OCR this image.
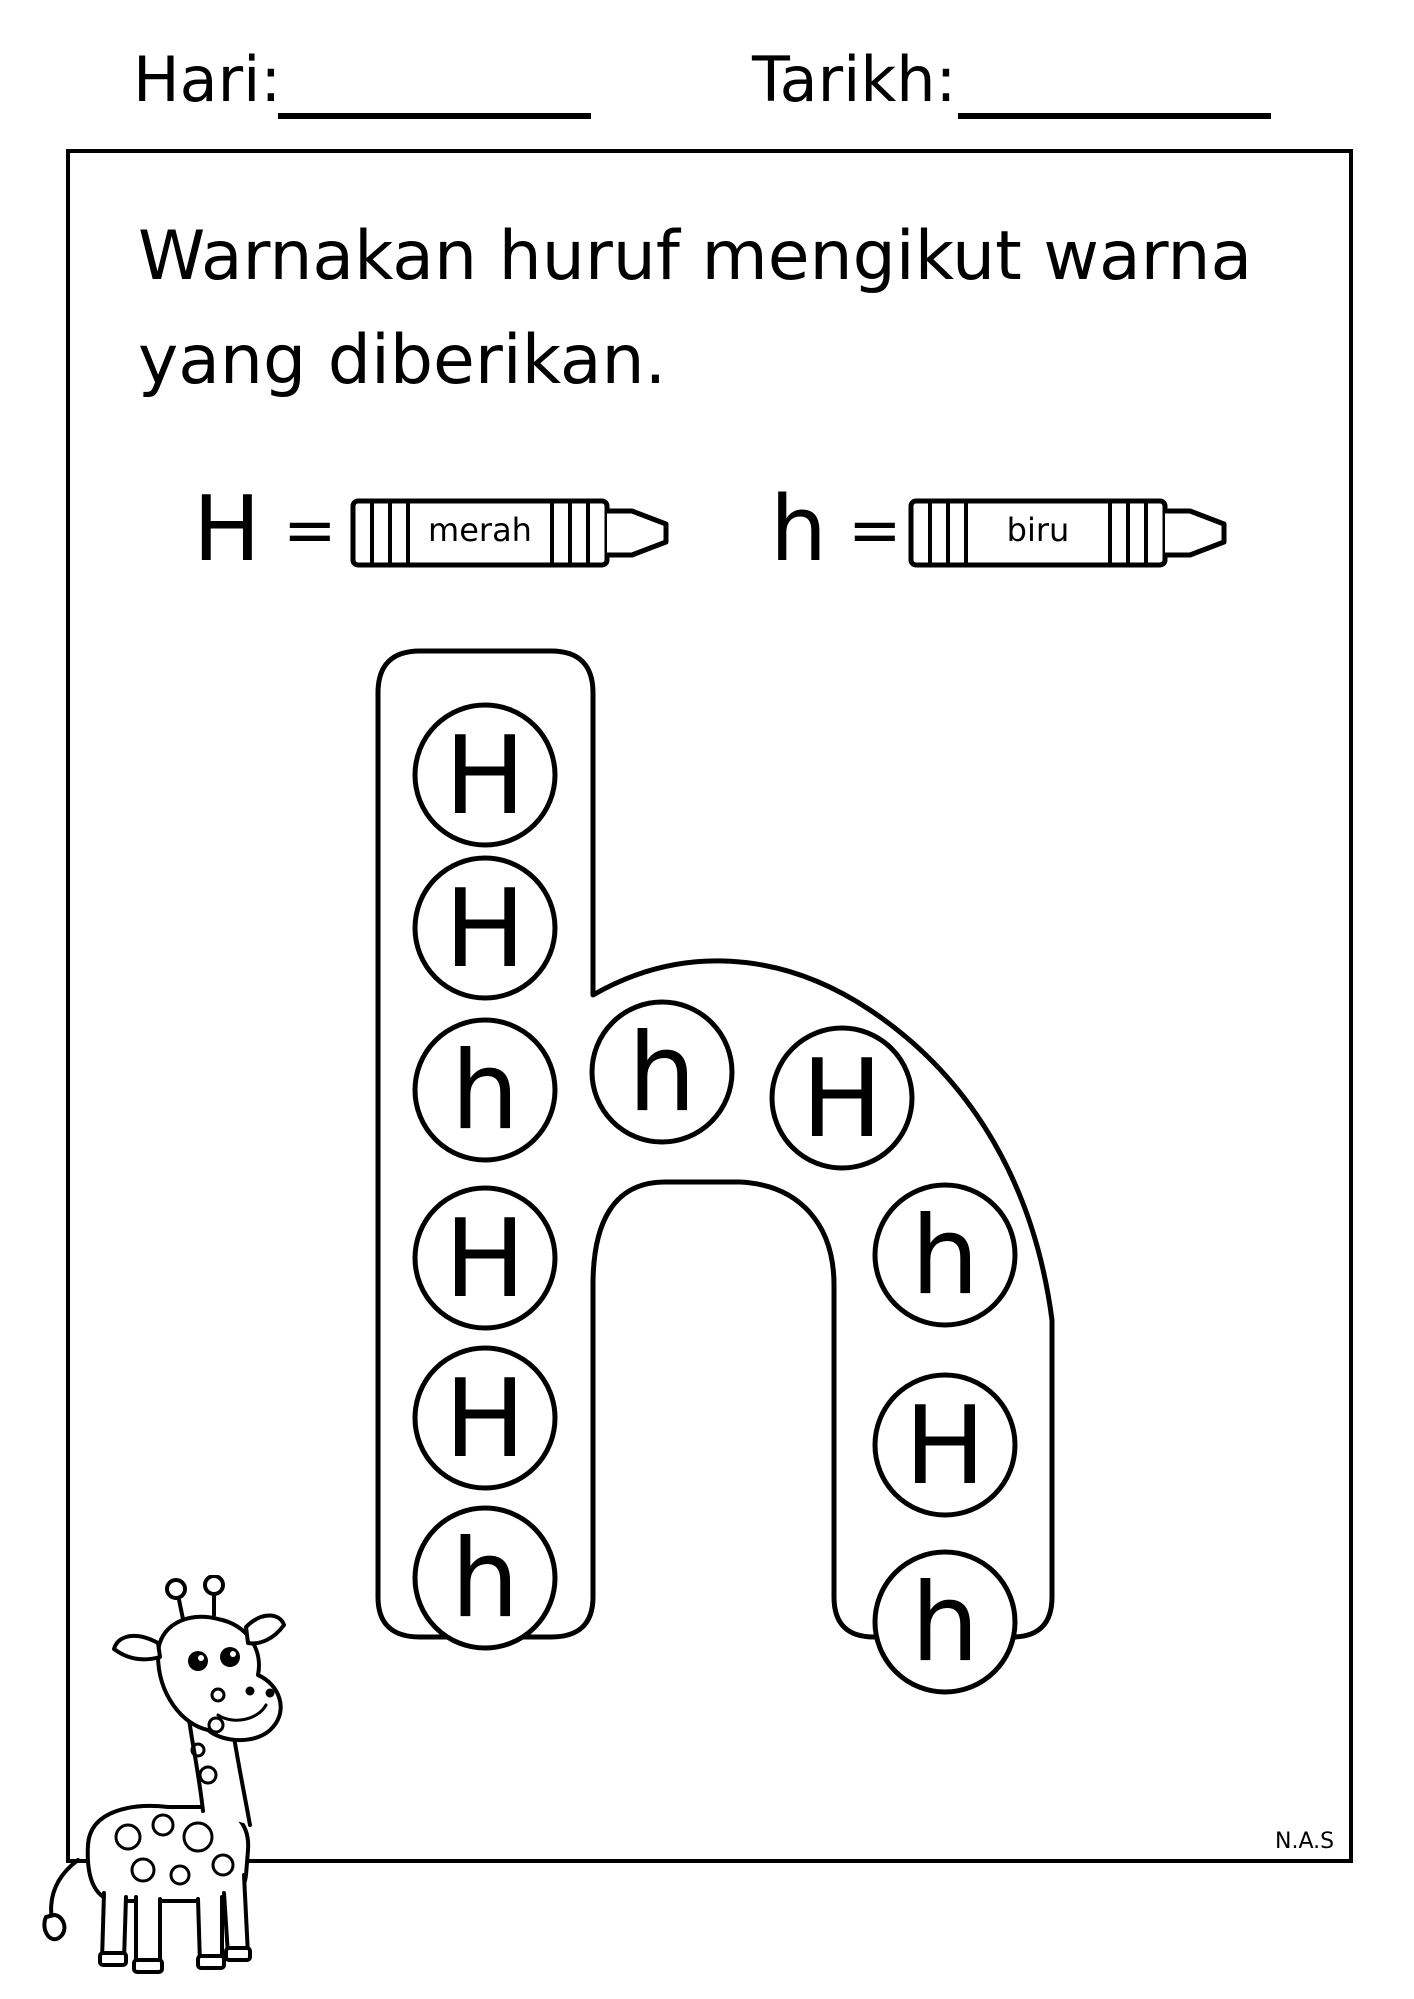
Hari:	Tarikh:
Warnakan huruf mengikut warna
yang diberikan.
H =	merah	h =	biru
H
H
h
H
H
h
h H
h
H
h
N.A.S
